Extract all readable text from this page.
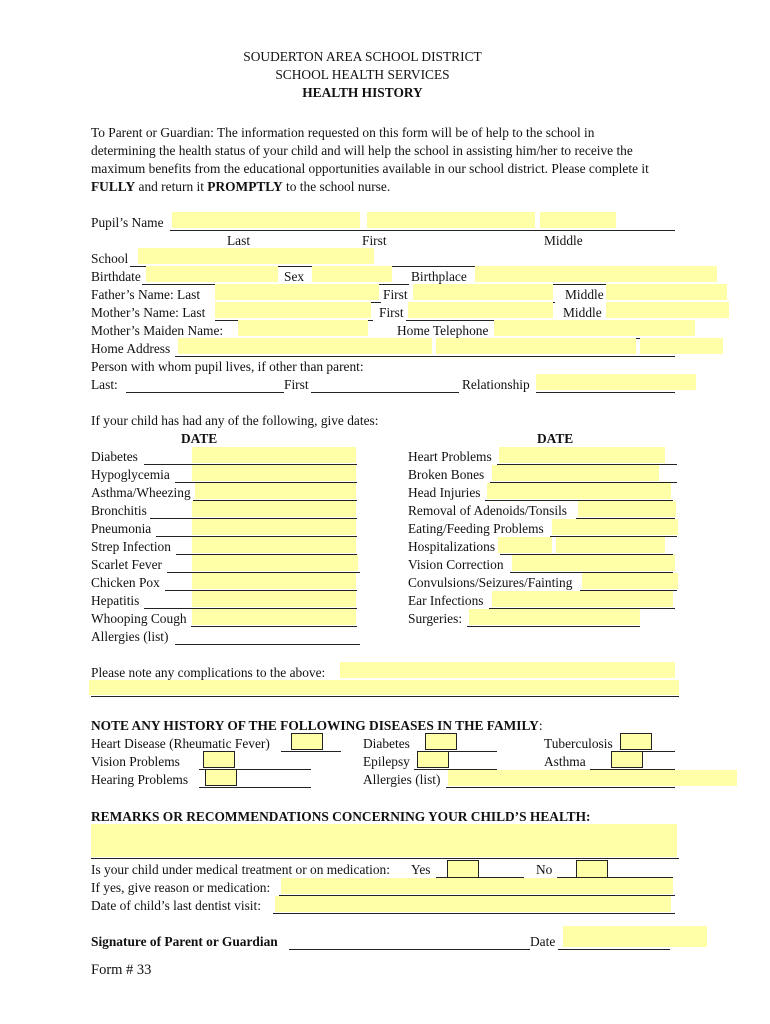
SOUDERTON AREA SCHOOL DISTRICT
SCHOOL HEALTH SERVICES
HEALTH HISTORY
To Parent or Guardian: The information requested on this form will be of help to the school in
determining the health status of your child and will help the school in assisting him/her to receive the
maximum benefits from the educational opportunities available in our school district. Please complete it
FULLY and return it PROMPTLY to the school nurse.
Pupil’s Name
Last	First	Middle
School
Birthdate	Sex	Birthplace
Father’s Name: Last	First	Middle
Mother’s Name: Last	First	Middle
Mother’s Maiden Name:	Home Telephone
Home Address
Person with whom pupil lives, if other than parent:
Last:	First	Relationship
If your child has had any of the following, give dates:
DATE	DATE
Diabetes
Hypoglycemia
Asthma/Wheezing
Bronchitis
Pneumonia
Strep Infection
Scarlet Fever
Chicken Pox
Hepatitis
Whooping Cough
Allergies (list)
Heart Problems
Broken Bones
Head Injuries
Removal of Adenoids/Tonsils
Eating/Feeding Problems
Hospitalizations
Vision Correction
Convulsions/Seizures/Fainting
Ear Infections
Surgeries:
Please note any complications to the above:
NOTE ANY HISTORY OF THE FOLLOWING DISEASES IN THE FAMILY:
Heart Disease (Rheumatic Fever)	Diabetes	Tuberculosis
Vision Problems	Epilepsy	Asthma
Hearing Problems	Allergies (list)
REMARKS OR RECOMMENDATIONS CONCERNING YOUR CHILD’S HEALTH:
Is your child under medical treatment or on medication: Yes	No
If yes, give reason or medication:
Date of child’s last dentist visit:
Signature of Parent or Guardian	Date
Form # 33
